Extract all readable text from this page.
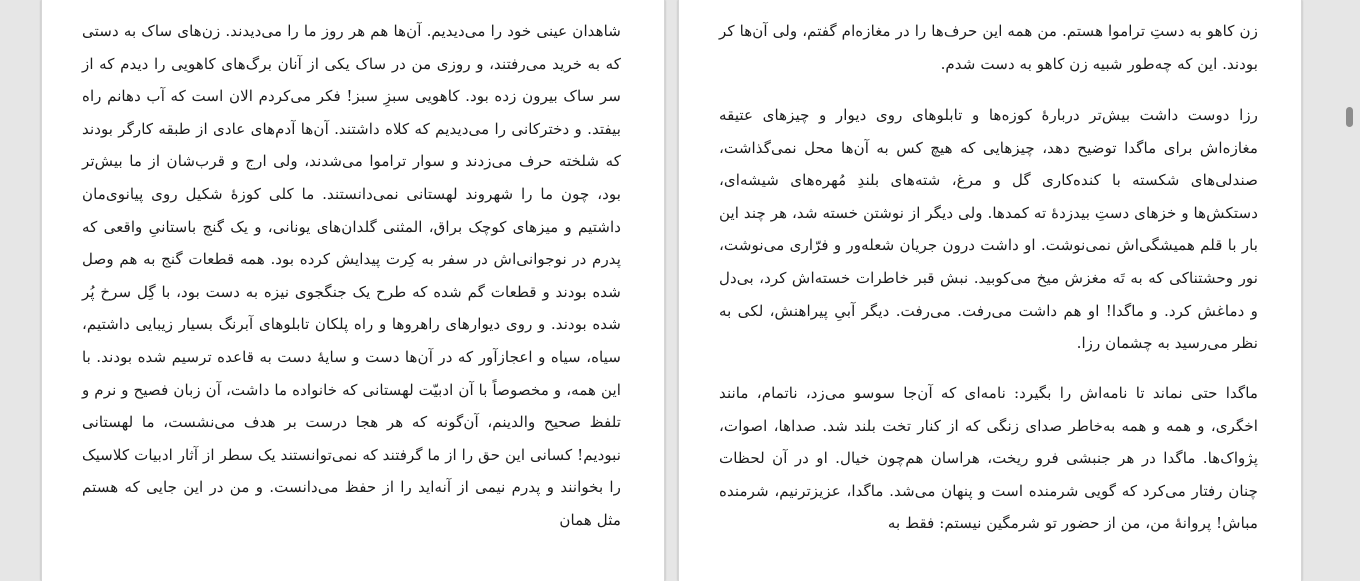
شاهدان عینی خود را می‌دیدیم. آن‌ها هم هر روز ما را می‌دیدند. زن‌های ساک به دستی که به خرید می‌رفتند، و روزی من در ساک یکی از آنان برگ‌های کاهویی را دیدم که از سر ساک بیرون زده بود. کاهویی سبزِ سبز! فکر می‌کردم الان است که آب دهانم راه بیفتد. و دخترکانی را می‌دیدیم که کلاه داشتند. آن‌ها آدم‌های عادی از طبقه کارگر بودند که شلخته حرف می‌زدند و سوار تراموا می‌شدند، ولی ارج و قرب‌شان از ما بیش‌تر بود، چون ما را شهروند لهستانی نمی‌دانستند. ما کلی کوزهٔ شکیل روی پیانوی‌مان داشتیم و میزهای کوچک براق، المثنی گلدان‌های یونانی، و یک گنج باستانیِ واقعی که پدرم در نوجوانی‌اش در سفر به کِرت پیدایش کرده بود. همه قطعات گنج به هم وصل شده بودند و قطعات گم شده که طرح یک جنگجوی نیزه به دست بود، با گِل سرخ پُر شده بودند. و روی دیوارهای راهروها و راه پلکان تابلوهای آبرنگ بسیار زیبایی داشتیم، سیاه، سیاه و اعجازآور که در آن‌ها دست و سایهٔ دست به قاعده ترسیم شده بودند. با این همه، و مخصوصاً با آن ادبیّت لهستانی که خانواده ما داشت، آن زبان فصیح و نرم و تلفظ صحیح والدینم، آن‌گونه که هر هجا درست بر هدف می‌نشست، ما لهستانی نبودیم! کسانی این حق را از ما گرفتند که نمی‌توانستند یک سطر از آثار ادبیات کلاسیک را بخوانند و پدرم نیمی از آنه‌اید را از حفظ می‌دانست. و من در این جایی که هستم مثل همان

زن کاهو به دستِ تراموا هستم. من همه این حرف‌ها را در مغازه‌ام گفتم، ولی آن‌ها کر بودند. این که چه‌طور شبیه زن کاهو به دست شدم.

رزا دوست داشت بیش‌تر دربارهٔ کوزه‌ها و تابلوهای روی دیوار و چیزهای عتیقه مغازه‌اش برای ماگدا توضیح دهد، چیزهایی که هیچ کس به آن‌ها محل نمی‌گذاشت، صندلی‌های شکسته با کنده‌کاری گل و مرغ، شته‌های بلندِ مُهره‌های شیشه‌ای، دستکش‌ها و خزهای دستِ بیدزدهٔ ته کمدها. ولی دیگر از نوشتن خسته شد، هر چند این بار با قلم همیشگی‌اش نمی‌نوشت. او داشت درون جریان شعله‌ور و فرّاری می‌نوشت، نور وحشتناکی که به تَه مغزش میخ می‌کوبید. نبش قبر خاطرات خسته‌اش کرد، بی‌دل و دماغش کرد. و ماگدا! او هم داشت می‌رفت. می‌رفت. دیگر آبیِ پیراهنش، لکی به نظر می‌رسید به چشمان رزا.

ماگدا حتی نماند تا نامه‌اش را بگیرد: نامه‌ای که آن‌جا سوسو می‌زد، ناتمام، مانند اخگری، و همه و همه به‌خاطر صدای زنگی که از کنار تخت بلند شد. صداها، اصوات، پژواک‌ها. ماگدا در هر جنبشی فرو ریخت، هراسان هم‌چون خیال. او در آن لحظات چنان رفتار می‌کرد که گویی شرمنده است و پنهان می‌شد. ماگدا، عزیزترنیم، شرمنده مباش! پروانهٔ من، من از حضور تو شرمگین نیستم: فقط به
